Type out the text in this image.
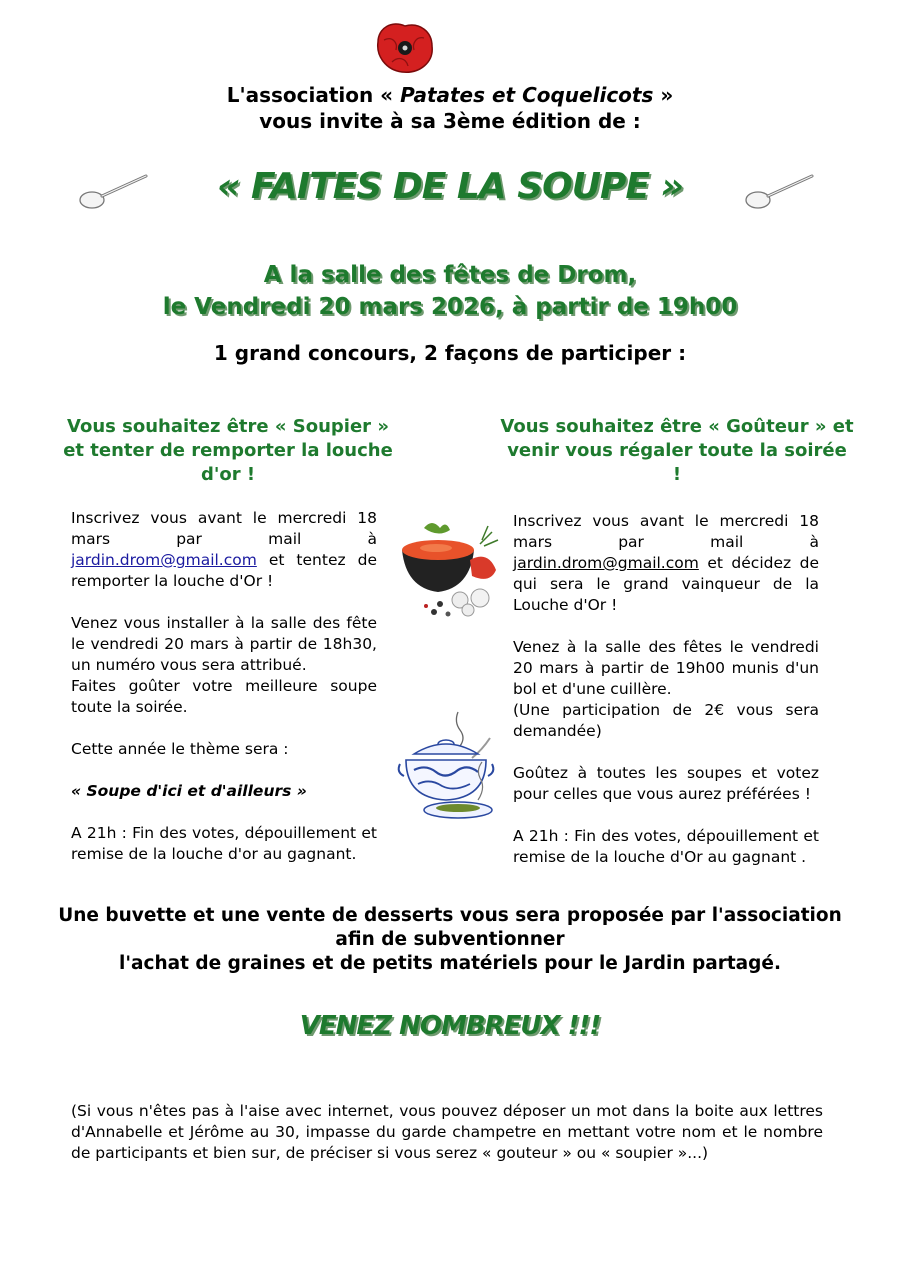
L'association « Patates et Coquelicots »
vous invite à sa 3ème édition de :
« FAITES DE LA SOUPE »
A la salle des fêtes de Drom,
le Vendredi 20 mars 2026, à partir de 19h00
1 grand concours, 2 façons de participer :
Vous souhaitez être « Soupier » et tenter de remporter la louche d'or !

Inscrivez vous avant le mercredi 18 mars par mail à jardin.drom@gmail.com et tentez de remporter la louche d'Or !

Venez vous installer à la salle des fête le vendredi 20 mars à partir de 18h30, un numéro vous sera attribué.

Faites goûter votre meilleure soupe toute la soirée.

Cette année le thème sera :

« Soupe d'ici et d'ailleurs »

A 21h : Fin des votes, dépouillement et remise de la louche d'or au gagnant.

Vous souhaitez être « Goûteur » et venir vous régaler toute la soirée !

Inscrivez vous avant le mercredi 18 mars par mail à jardin.drom@gmail.com et décidez de qui sera le grand vainqueur de la Louche d'Or !

Venez à la salle des fêtes le vendredi 20 mars à partir de 19h00 munis d'un bol et d'une cuillère.

(Une participation de 2€ vous sera demandée)

Goûtez à toutes les soupes et votez pour celles que vous aurez préférées !

A 21h : Fin des votes, dépouillement et remise de la louche d'Or au gagnant .

Une buvette et une vente de desserts vous sera proposée par l'association
afin de subventionner
l'achat de graines et de petits matériels pour le Jardin partagé.
VENEZ NOMBREUX !!!
(Si vous n'êtes pas à l'aise avec internet, vous pouvez déposer un mot dans la boite aux lettres d'Annabelle et Jérôme au 30, impasse du garde champetre en mettant votre nom et le nombre de participants et bien sur, de préciser si vous serez « gouteur » ou « soupier »...)
